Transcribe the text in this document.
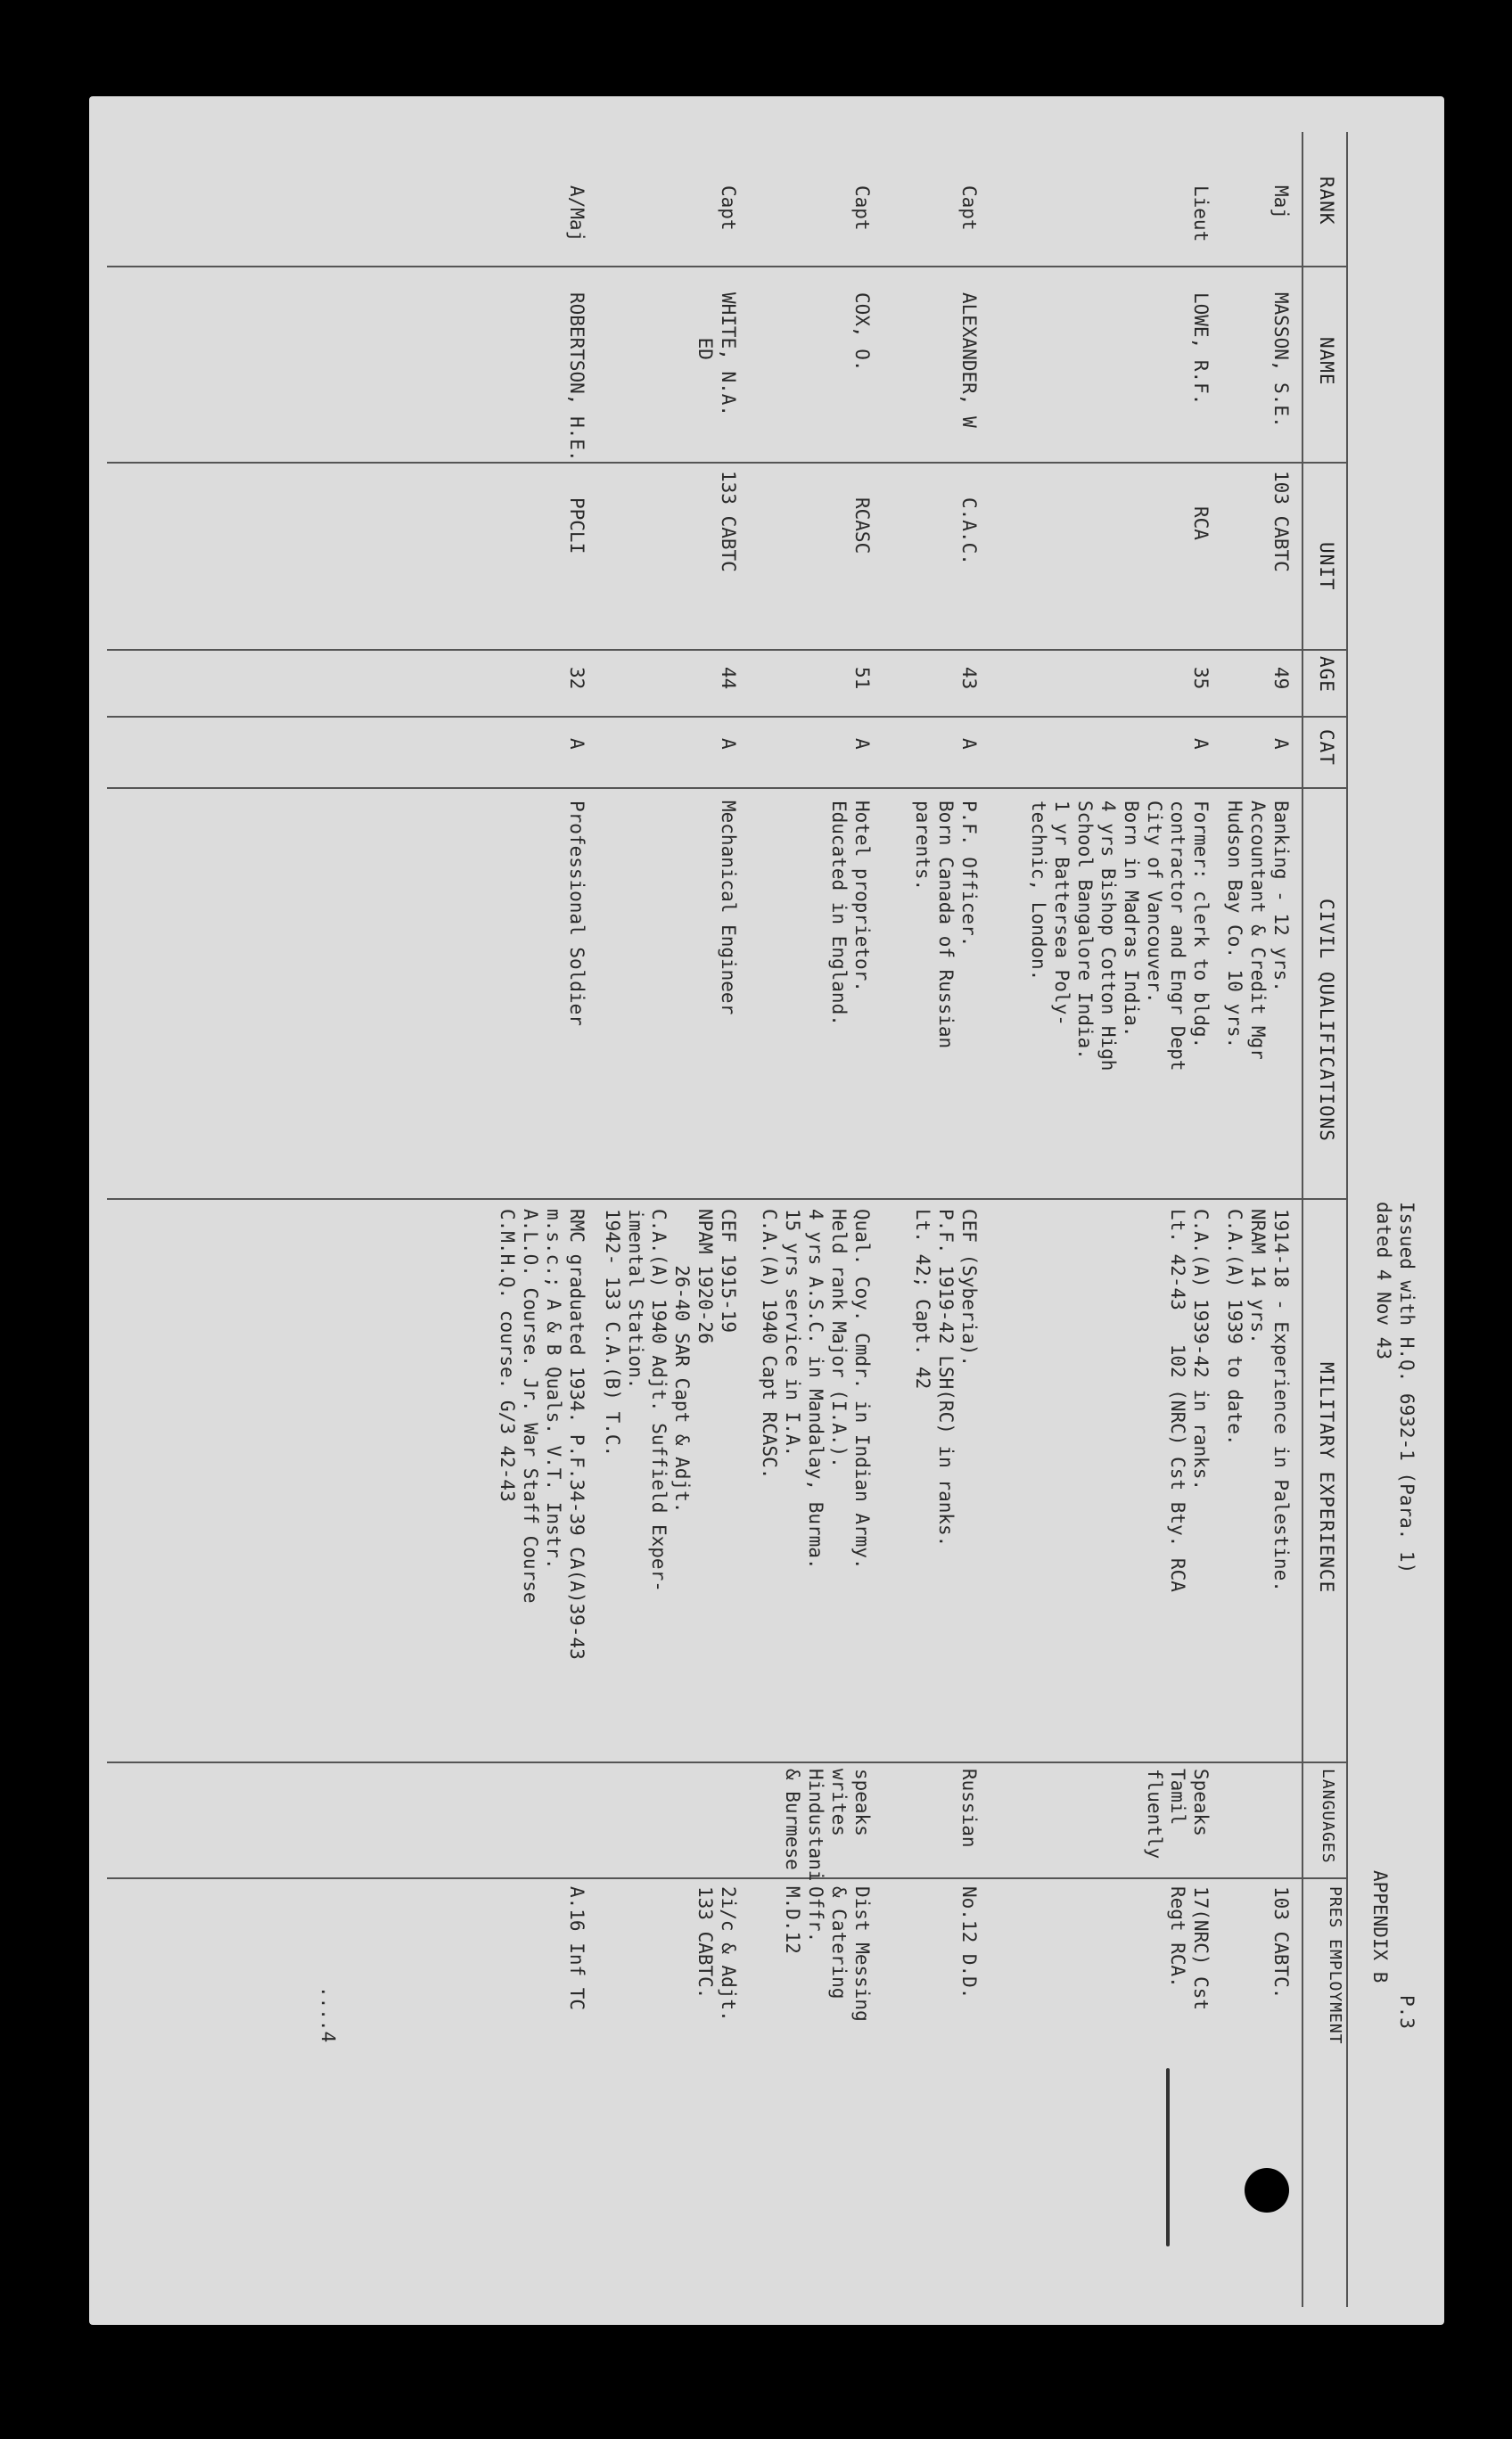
Issued with H.Q. 6932-1 (Para. 1)
dated 4 Nov 43
APPENDIX B
P.3
RANK
NAME
UNIT
AGE
CAT
CIVIL QUALIFICATIONS
MILITARY EXPERIENCE
LANGUAGES
PRES EMPLOYMENT
Maj
MASSON, S.E.
103 CABTC
49
A
Banking - 12 yrs.
Accountant & Credit Mgr
Hudson Bay Co. 10 yrs.
1914-18 - Experience in Palestine.
NRAM 14 yrs.
C.A.(A) 1939 to date.
103 CABTC.
Lieut
LOWE, R.F.
RCA
35
A
Former: clerk to bldg.
contractor and Engr Dept
City of Vancouver.
Born in Madras India.
4 yrs Bishop Cotton High
School Bangalore India.
1 yr Battersea Poly-
technic, London.
C.A.(A) 1939-42 in ranks.
Lt. 42-43   102 (NRC) Cst Bty. RCA
Speaks
Tamil
fluently
17(NRC) Cst
Regt RCA.
Capt
ALEXANDER, W
C.A.C.
43
A
P.F. Officer.
Born Canada of Russian
parents.
CEF (Syberia).
P.F. 1919-42 LSH(RC) in ranks.
Lt. 42; Capt. 42
Russian
No.12 D.D.
Capt
COX, O.
RCASC
51
A
Hotel proprietor.
Educated in England.
Qual. Coy. Cmdr. in Indian Army.
Held rank Major (I.A.).
4 yrs A.S.C. in Mandalay, Burma.
15 yrs service in I.A.
C.A.(A) 1940 Capt RCASC.
speaks
writes
Hindustani
& Burmese
Dist Messing
& Catering
Offr.
M.D.12
Capt
WHITE, N.A.
ED
133 CABTC
44
A
Mechanical Engineer
CEF 1915-19
NPAM 1920-26
26-40 SAR Capt & Adjt.
C.A.(A) 1940 Adjt. Suffield Exper-
imental Station.
1942- 133 C.A.(B) T.C.
2i/c & Adjt.
133 CABTC.
A/Maj
ROBERTSON, H.E.
PPCLI
32
A
Professional Soldier
RMC graduated 1934. P.F.34-39 CA(A)39-43
m.s.c.; A & B Quals. V.T. Instr.
A.L.O. Course. Jr. War Staff Course
C.M.H.Q. course. G/3 42-43
A.16 Inf TC
....4
